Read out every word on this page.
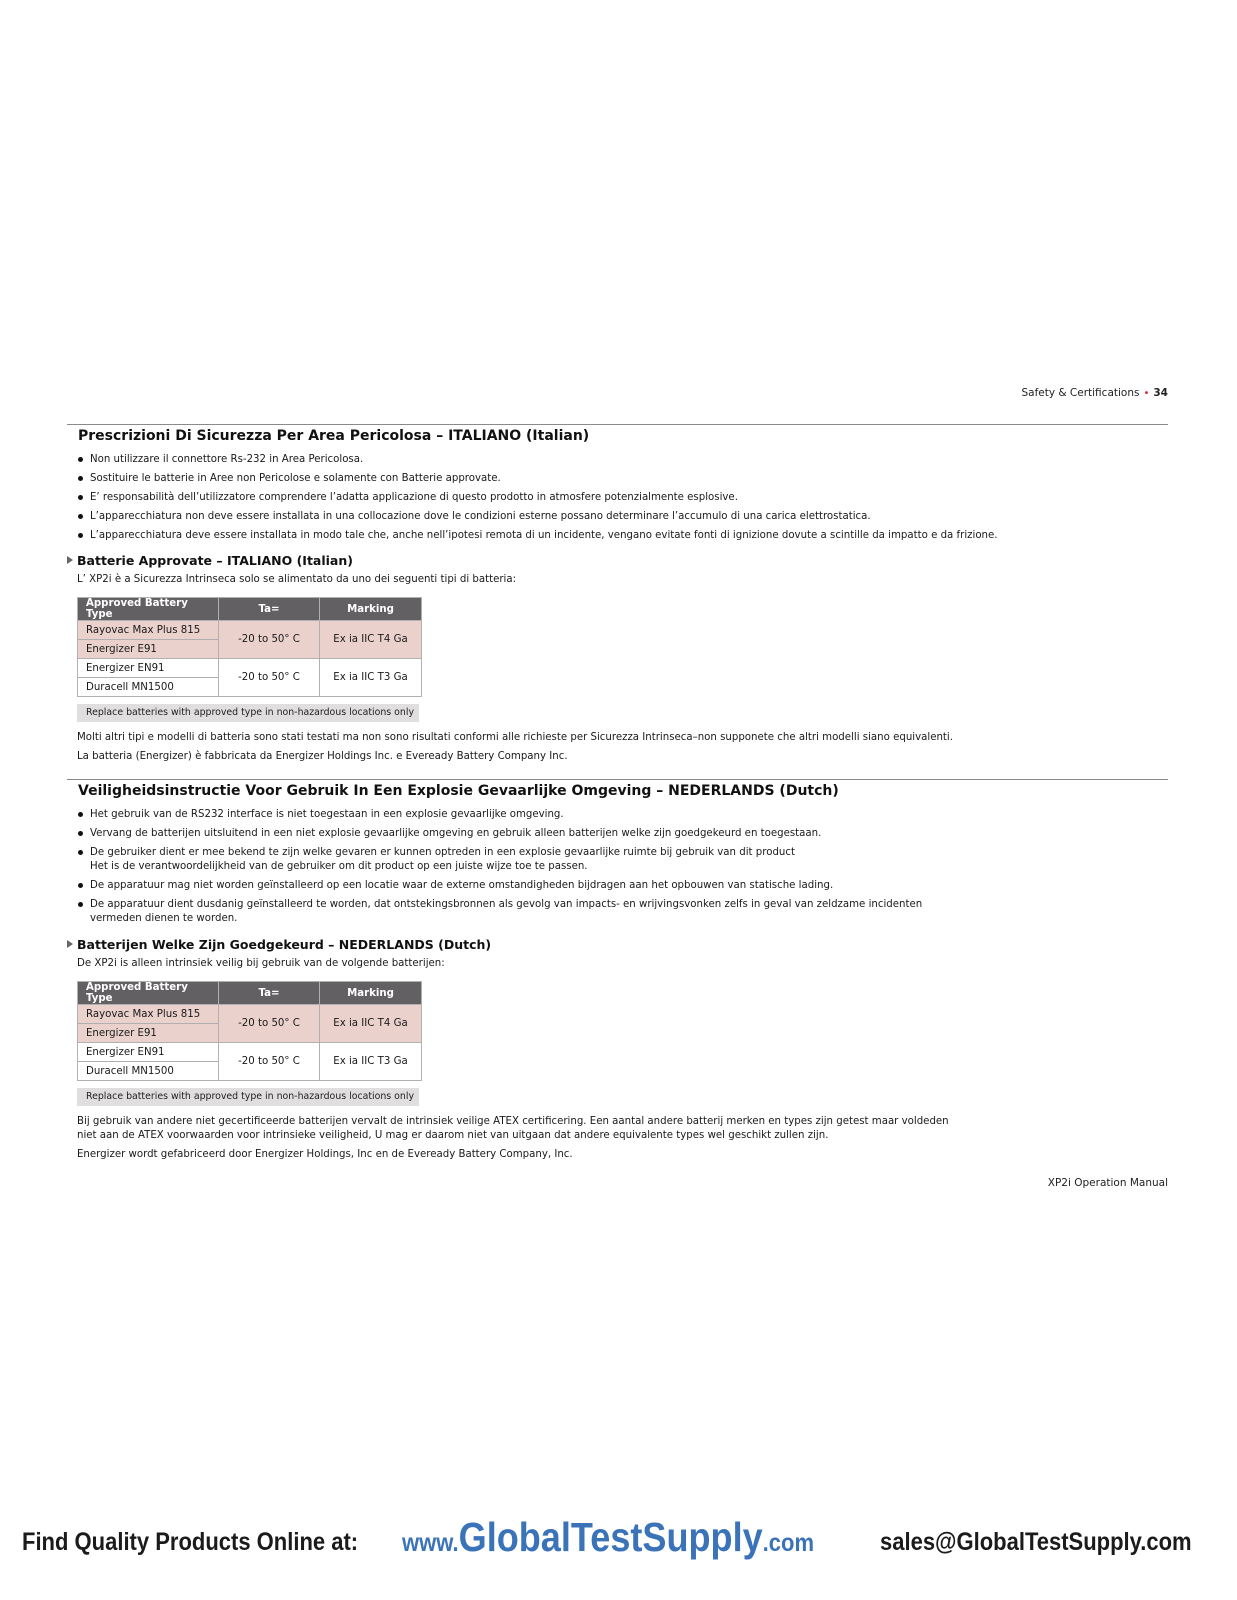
Safety & Certifications • 34
Prescrizioni Di Sicurezza Per Area Pericolosa – ITALIANO (Italian)
Non utilizzare il connettore Rs-232 in Area Pericolosa.
Sostituire le batterie in Aree non Pericolose e solamente con Batterie approvate.
E’ responsabilità dell’utilizzatore comprendere l’adatta applicazione di questo prodotto in atmosfere potenzialmente esplosive.
L’apparecchiatura non deve essere installata in una collocazione dove le condizioni esterne possano determinare l’accumulo di una carica elettrostatica.
L’apparecchiatura deve essere installata in modo tale che, anche nell’ipotesi remota di un incidente, vengano evitate fonti di ignizione dovute a scintille da impatto e da frizione.
Batterie Approvate – ITALIANO (Italian)
L’ XP2i è a Sicurezza Intrinseca solo se alimentato da uno dei seguenti tipi di batteria:
Approved Battery Type	Ta=	Marking
Rayovac Max Plus 815	-20 to 50° C	Ex ia IIC T4 Ga
Energizer E91		
Energizer EN91	-20 to 50° C	Ex ia IIC T3 Ga
Duracell MN1500		
Replace batteries with approved type in non-hazardous locations only
Molti altri tipi e modelli di batteria sono stati testati ma non sono risultati conformi alle richieste per Sicurezza Intrinseca–non supponete che altri modelli siano equivalenti.
La batteria (Energizer) è fabbricata da Energizer Holdings Inc. e Eveready Battery Company Inc.
Veiligheidsinstructie Voor Gebruik In Een Explosie Gevaarlijke Omgeving – NEDERLANDS (Dutch)
Het gebruik van de RS232 interface is niet toegestaan in een explosie gevaarlijke omgeving.
Vervang de batterijen uitsluitend in een niet explosie gevaarlijke omgeving en gebruik alleen batterijen welke zijn goedgekeurd en toegestaan.
De gebruiker dient er mee bekend te zijn welke gevaren er kunnen optreden in een explosie gevaarlijke ruimte bij gebruik van dit product
Het is de verantwoordelijkheid van de gebruiker om dit product op een juiste wijze toe te passen.
De apparatuur mag niet worden geïnstalleerd op een locatie waar de externe omstandigheden bijdragen aan het opbouwen van statische lading.
De apparatuur dient dusdanig geïnstalleerd te worden, dat ontstekingsbronnen als gevolg van impacts- en wrijvingsvonken zelfs in geval van zeldzame incidenten
vermeden dienen te worden.
Batterijen Welke Zijn Goedgekeurd – NEDERLANDS (Dutch)
De XP2i is alleen intrinsiek veilig bij gebruik van de volgende batterijen:
Approved Battery Type	Ta=	Marking
Rayovac Max Plus 815	-20 to 50° C	Ex ia IIC T4 Ga
Energizer E91		
Energizer EN91	-20 to 50° C	Ex ia IIC T3 Ga
Duracell MN1500		
Replace batteries with approved type in non-hazardous locations only
Bij gebruik van andere niet gecertificeerde batterijen vervalt de intrinsiek veilige ATEX certificering. Een aantal andere batterij merken en types zijn getest maar voldeden
niet aan de ATEX voorwaarden voor intrinsieke veiligheid, U mag er daarom niet van uitgaan dat andere equivalente types wel geschikt zullen zijn.
Energizer wordt gefabriceerd door Energizer Holdings, Inc en de Eveready Battery Company, Inc.
XP2i Operation Manual
Find Quality Products Online at: www.GlobalTestSupply.com	sales@GlobalTestSupply.com
